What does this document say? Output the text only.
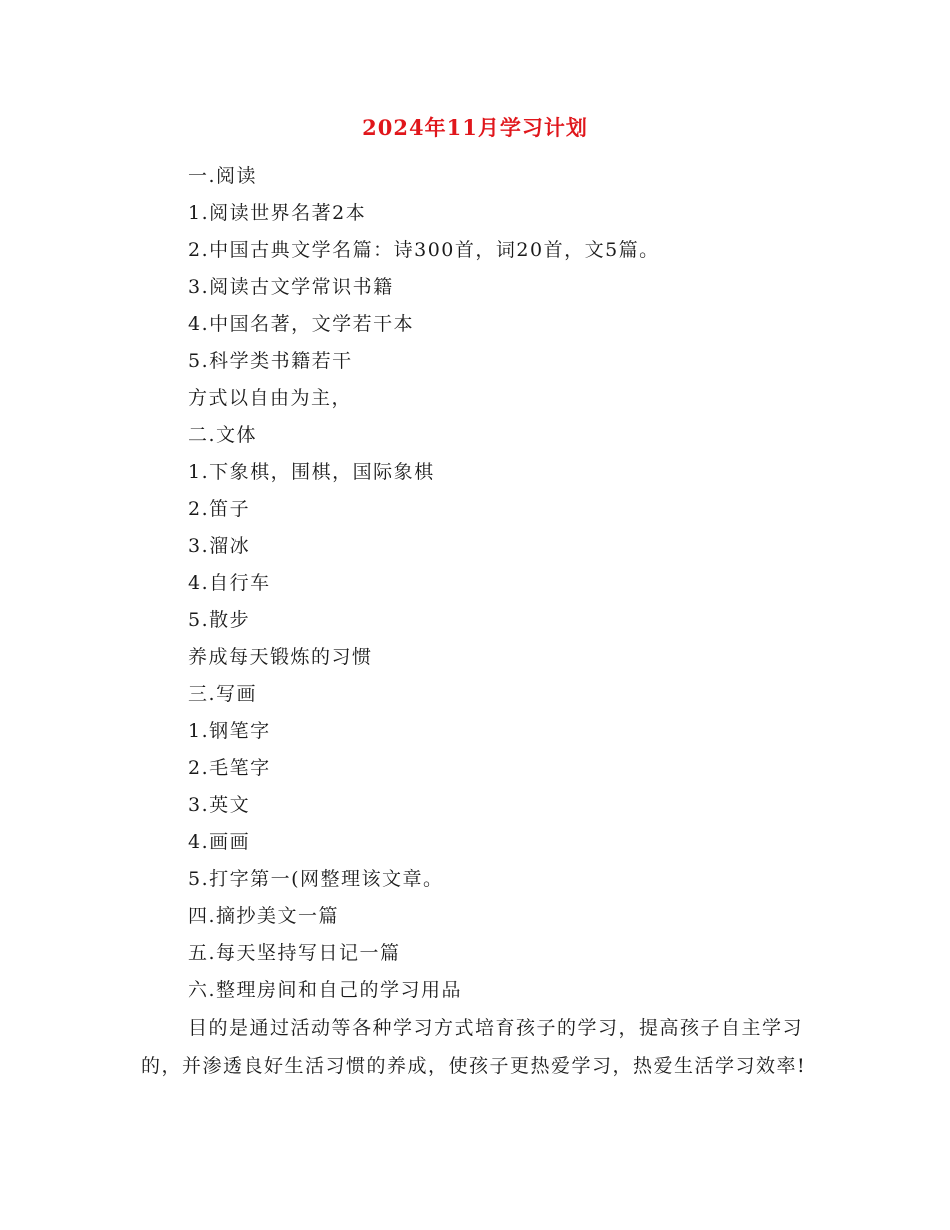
2024年11月学习计划
一.阅读
1.阅读世界名著2本
2.中国古典文学名篇：诗300首，词20首，文5篇。
3.阅读古文学常识书籍
4.中国名著，文学若干本
5.科学类书籍若干
方式以自由为主，
二.文体
1.下象棋，围棋，国际象棋
2.笛子
3.溜冰
4.自行车
5.散步
养成每天锻炼的习惯
三.写画
1.钢笔字
2.毛笔字
3.英文
4.画画
5.打字第一(网整理该文章。
四.摘抄美文一篇
五.每天坚持写日记一篇
六.整理房间和自己的学习用品

目的是通过活动等各种学习方式培育孩子的学习，提高孩子自主学习的，并渗透良好生活习惯的养成，使孩子更热爱学习，热爱生活学习效率!
